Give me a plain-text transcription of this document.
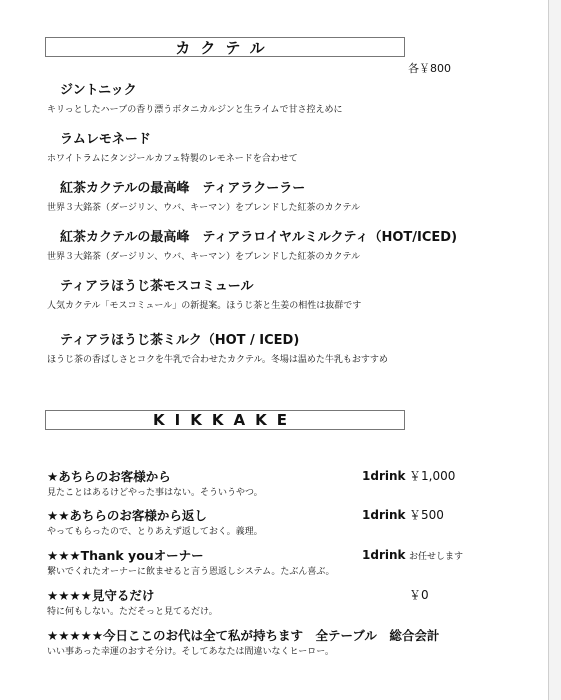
カクテル
各￥800
ジントニック
キリっとしたハーブの香り漂うボタニカルジンと生ライムで甘さ控えめに
ラムレモネード
ホワイトラムにタンジールカフェ特製のレモネードを合わせて
紅茶カクテルの最高峰　ティアラクーラー
世界３大銘茶（ダージリン、ウバ、キーマン）をブレンドした紅茶のカクテル
紅茶カクテルの最高峰　ティアラロイヤルミルクティ（HOT/ICED)
世界３大銘茶（ダージリン、ウバ、キーマン）をブレンドした紅茶のカクテル
ティアラほうじ茶モスコミュール
人気カクテル「モスコミュール」の新提案。ほうじ茶と生姜の相性は抜群です
ティアラほうじ茶ミルク（HOT / ICED)
ほうじ茶の香ばしさとコクを牛乳で合わせたカクテル。冬場は温めた牛乳もおすすめ
KIKKAKE
★あちらのお客様から	1drink ￥1,000
見たことはあるけどやった事はない。そういうやつ。
★★あちらのお客様から返し	1drink ￥500
やってもらったので、とりあえず返しておく。義理。
★★★Thank youオーナー	1drink お任せします
繋いでくれたオーナーに飲ませると言う恩返しシステム。たぶん喜ぶ。
★★★★見守るだけ	￥0
特に何もしない。ただそっと見てるだけ。
★★★★★今日ここのお代は全て私が持ちます　全テーブル　総合会計
いい事あった幸運のおすそ分け。そしてあなたは間違いなくヒーロー。
